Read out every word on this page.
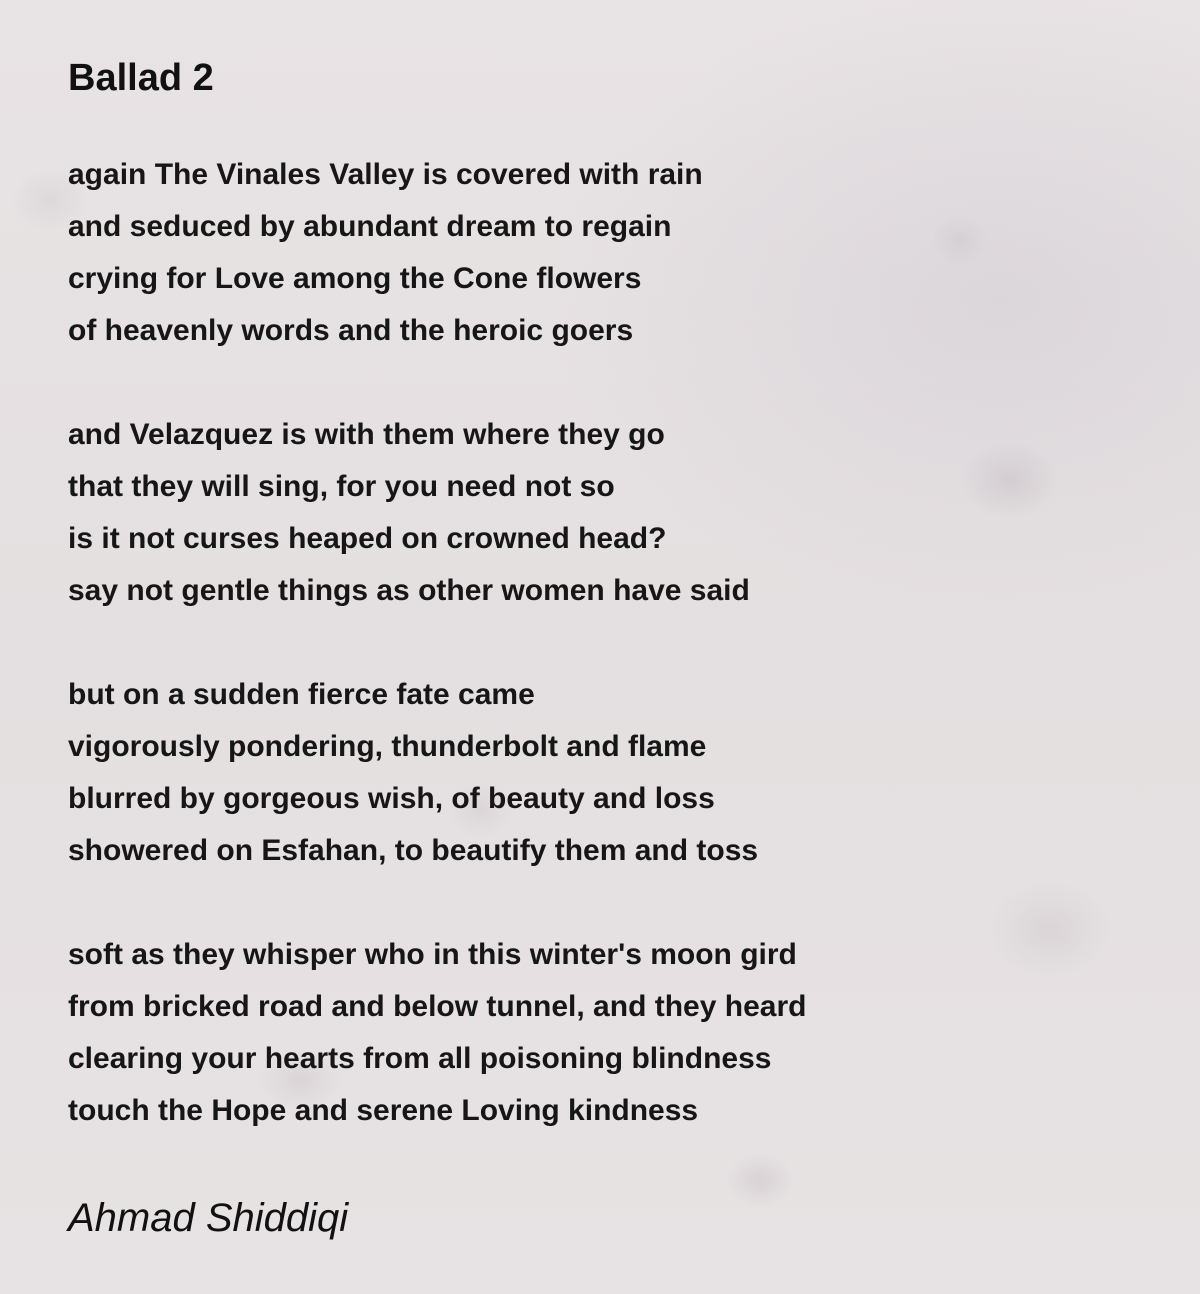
Ballad 2
again The Vinales Valley is covered with rain
and seduced by abundant dream to regain
crying for Love among the Cone flowers
of heavenly words and the heroic goers
and Velazquez is with them where they go
that they will sing, for you need not so
is it not curses heaped on crowned head?
say not gentle things as other women have said
but on a sudden fierce fate came
vigorously pondering, thunderbolt and flame
blurred by gorgeous wish, of beauty and loss
showered on Esfahan, to beautify them and toss
soft as they whisper who in this winter's moon gird
from bricked road and below tunnel, and they heard
clearing your hearts from all poisoning blindness
touch the Hope and serene Loving kindness

Ahmad Shiddiqi
